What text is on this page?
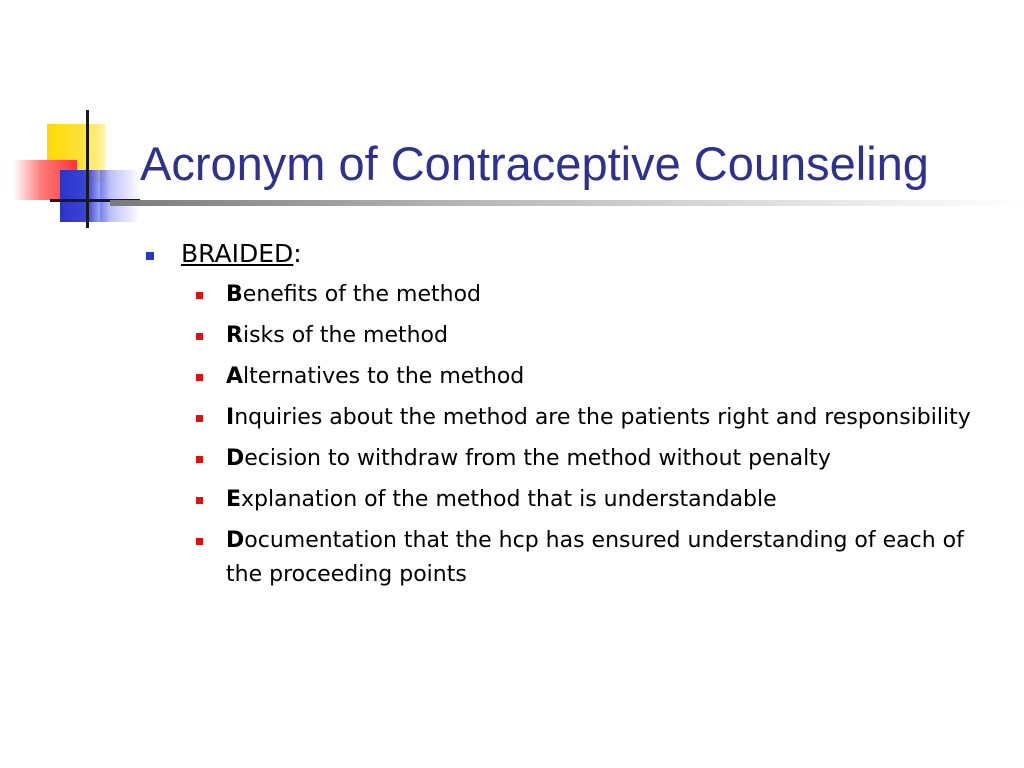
Acronym of Contraceptive Counseling
BRAIDED:
Benefits of the method
Risks of the method
Alternatives to the method
Inquiries about the method are the patients right and responsibility
Decision to withdraw from the method without penalty
Explanation of the method that is understandable
Documentation that the hcp has ensured understanding of each of the proceeding points
